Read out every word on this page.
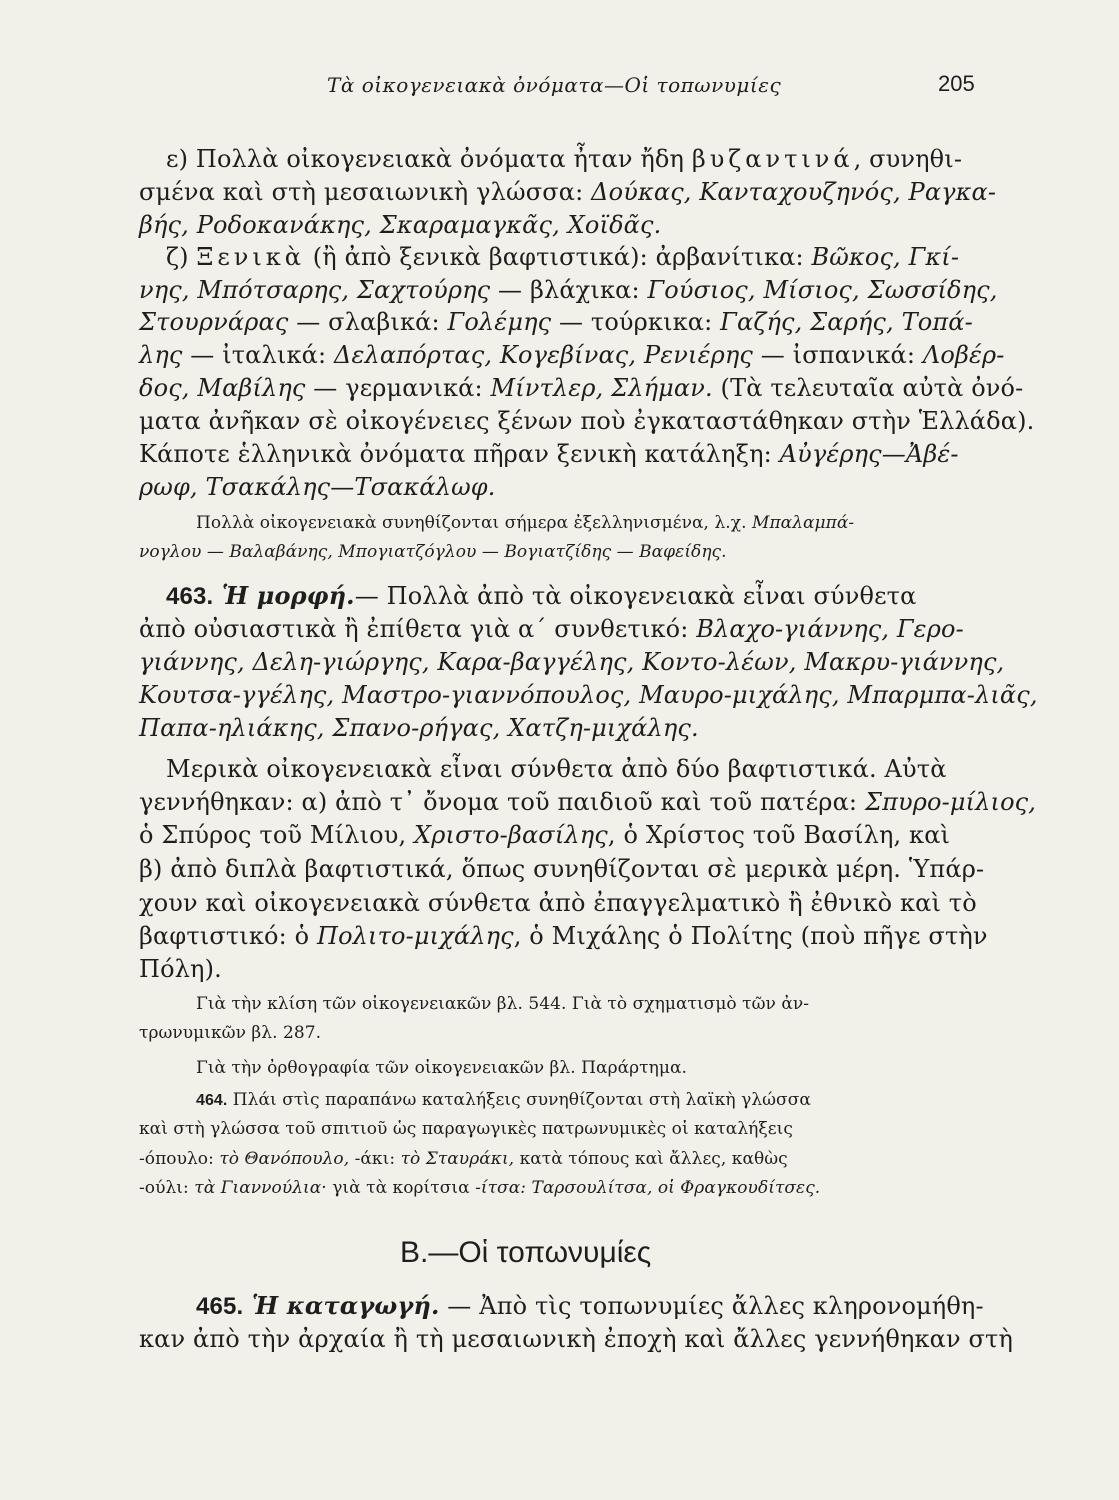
Τὰ οἰκογενειακὰ ὀνόματα—Οἱ τοπωνυμίες	205
ε) Πολλὰ οἰκογενειακὰ ὀνόματα ἦταν ἤδη βυζαντινά, συνηθι-
σμένα καὶ στὴ μεσαιωνικὴ γλώσσα: Δούκας, Κανταχουζηνός, Ραγκα-
βής, Ροδοκανάκης, Σκαραμαγκᾶς, Χοϊδᾶς.
ζ) Ξενικὰ (ἢ ἀπὸ ξενικὰ βαφτιστικά): ἀρβανίτικα: Βῶκος, Γκί-
νης, Μπότσαρης, Σαχτούρης — βλάχικα: Γούσιος, Μίσιος, Σωσσίδης,
Στουρνάρας — σλαβικά: Γολέμης — τούρκικα: Γαζής, Σαρής, Τοπά-
λης — ἰταλικά: Δελαπόρτας, Κογεβίνας, Ρενιέρης — ἰσπανικά: Λοβέρ-
δος, Μαβίλης — γερμανικά: Μίντλερ, Σλήμαν. (Τὰ τελευταῖα αὐτὰ ὀνό-
ματα ἀνῆκαν σὲ οἰκογένειες ξένων ποὺ ἐγκαταστάθηκαν στὴν Ἑλλάδα).
Κάποτε ἑλληνικὰ ὀνόματα πῆραν ξενικὴ κατάληξη: Αὐγέρης—Ἀβέ-
ρωφ, Τσακάλης—Τσακάλωφ.
Πολλὰ οἰκογενειακὰ συνηθίζονται σήμερα ἐξελληνισμένα, λ.χ. Μπαλαμπά-
νογλου — Βαλαβάνης, Μπογιατζόγλου — Βογιατζίδης — Βαφείδης.
463. Ἡ μορφή.— Πολλὰ ἀπὸ τὰ οἰκογενειακὰ εἶναι σύνθετα
ἀπὸ οὐσιαστικὰ ἢ ἐπίθετα γιὰ α΄ συνθετικό: Βλαχο-γιάννης, Γερο-
γιάννης, Δελη-γιώργης, Καρα-βαγγέλης, Κοντο-λέων, Μακρυ-γιάννης,
Κουτσα-γγέλης, Μαστρο-γιαννόπουλος, Μαυρο-μιχάλης, Μπαρμπα-λιᾶς,
Παπα-ηλιάκης, Σπανο-ρήγας, Χατζη-μιχάλης.
Μερικὰ οἰκογενειακὰ εἶναι σύνθετα ἀπὸ δύο βαφτιστικά. Αὐτὰ
γεννήθηκαν: α) ἀπὸ τ᾽ ὄνομα τοῦ παιδιοῦ καὶ τοῦ πατέρα: Σπυρο-μίλιος,
ὁ Σπύρος τοῦ Μίλιου, Χριστο-βασίλης, ὁ Χρίστος τοῦ Βασίλη, καὶ
β) ἀπὸ διπλὰ βαφτιστικά, ὅπως συνηθίζονται σὲ μερικὰ μέρη. Ὑπάρ-
χουν καὶ οἰκογενειακὰ σύνθετα ἀπὸ ἐπαγγελματικὸ ἢ ἐθνικὸ καὶ τὸ
βαφτιστικό: ὁ Πολιτο-μιχάλης, ὁ Μιχάλης ὁ Πολίτης (ποὺ πῆγε στὴν
Πόλη).
Γιὰ τὴν κλίση τῶν οἰκογενειακῶν βλ. 544. Γιὰ τὸ σχηματισμὸ τῶν ἀν-
τρωνυμικῶν βλ. 287.
Γιὰ τὴν ὀρθογραφία τῶν οἰκογενειακῶν βλ. Παράρτημα.
464. Πλάι στὶς παραπάνω καταλήξεις συνηθίζονται στὴ λαϊκὴ γλώσσα
καὶ στὴ γλώσσα τοῦ σπιτιοῦ ὡς παραγωγικὲς πατρωνυμικὲς οἱ καταλήξεις
-όπουλο: τὸ Θανόπουλο, -άκι: τὸ Σταυράκι, κατὰ τόπους καὶ ἄλλες, καθὼς
-ούλι: τὰ Γιαννούλια· γιὰ τὰ κορίτσια -ίτσα: Ταρσουλίτσα, οἱ Φραγκουδίτσες.
Β.—Οἱ τοπωνυμίες
465. Ἡ καταγωγή. — Ἀπὸ τὶς τοπωνυμίες ἄλλες κληρονομήθη-
καν ἀπὸ τὴν ἀρχαία ἢ τὴ μεσαιωνικὴ ἐποχὴ καὶ ἄλλες γεννήθηκαν στὴ
